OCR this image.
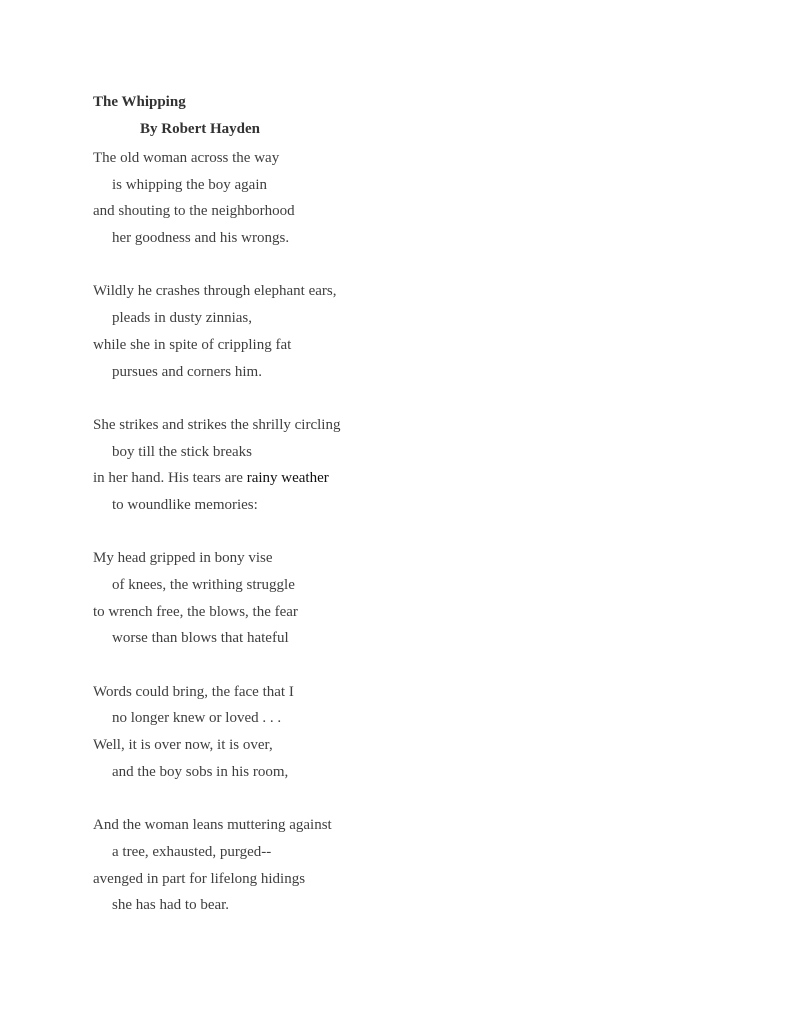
The Whipping
By Robert Hayden
The old woman across the way
is whipping the boy again
and shouting to the neighborhood
her goodness and his wrongs.
Wildly he crashes through elephant ears,
pleads in dusty zinnias,
while she in spite of crippling fat
pursues and corners him.
She strikes and strikes the shrilly circling
boy till the stick breaks
in her hand. His tears are rainy weather
to woundlike memories:
My head gripped in bony vise
of knees, the writhing struggle
to wrench free, the blows, the fear
worse than blows that hateful
Words could bring, the face that I
no longer knew or loved . . .
Well, it is over now, it is over,
and the boy sobs in his room,
And the woman leans muttering against
a tree, exhausted, purged--
avenged in part for lifelong hidings
she has had to bear.
